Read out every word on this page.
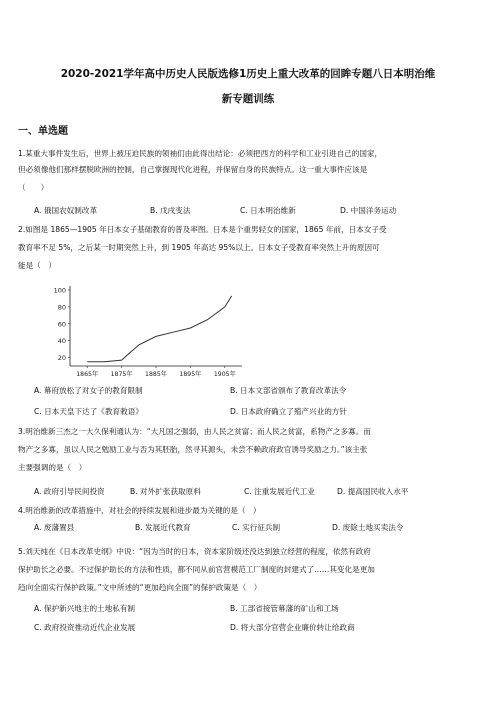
2020-2021学年高中历史人民版选修1历史上重大改革的回眸专题八日本明治维
新专题训练
一、单选题
1.某重大事件发生后，世界上被压迫民族的领袖们由此得出结论：必须把西方的科学和工业引进自己的国家，
但必须像他们那样摆脱欧洲的控制，自己掌握现代化进程，并保留自身的民族特点。这一重大事件应该是
（　　）
A. 俄国农奴制改革	B. 戊戌变法	C. 日本明治维新	D. 中国洋务运动
2.如图是 1865—1905 年日本女子基础教育的普及率图。日本是个重男轻女的国家，1865 年前，日本女子受
教育率不足 5%，之后某一时期突然上升，到 1905 年高达 95%以上。日本女子受教育率突然上升的原因可
能是（　）
20
40
60
80
100
1865年 1875年 1885年 1895年 1905年
A. 幕府放松了对女子的教育限制	B. 日本文部省颁布了教育改革法令
C. 日本天皇下达了《教育敕语》	D. 日本政府确立了殖产兴业的方针
3.明治维新三杰之一大久保利通认为：“大凡国之强弱，由人民之贫富；而人民之贫富，系物产之多寡。而
物产之多寡，虽以人民之勉励工业与否为其胚胎，然寻其源头，未尝不赖政府政官诱导奖励之力。”该主张
主要强调的是（　）
A. 政府引导民间投资	B. 对外扩张获取原料	C. 注重发展近代工业	D. 提高国民收入水平
4.明治维新的改革措施中，对社会的持续发展和进步最为关键的是（　）
A. 废藩置县	B. 发展近代教育	C. 实行征兵制	D. 废除土地买卖法令
5.刘天纯在《日本改革史纲》中说：“因为当时的日本，资本家阶级还没达到独立经营的程度，依然有政府
保护助长之必要。不过保护助长的方法和性质，都不同从前官营模范工厂制度的封建式了……其变化是更加
趋向全面实行保护政策。”文中所述的“更加趋向全面”的保护政策是（　）
A. 保护新兴地主的土地私有制	B. 工部省接管幕藩的矿山和工场
C. 政府投资推动近代企业发展	D. 将大部分官营企业廉价转让给政商
